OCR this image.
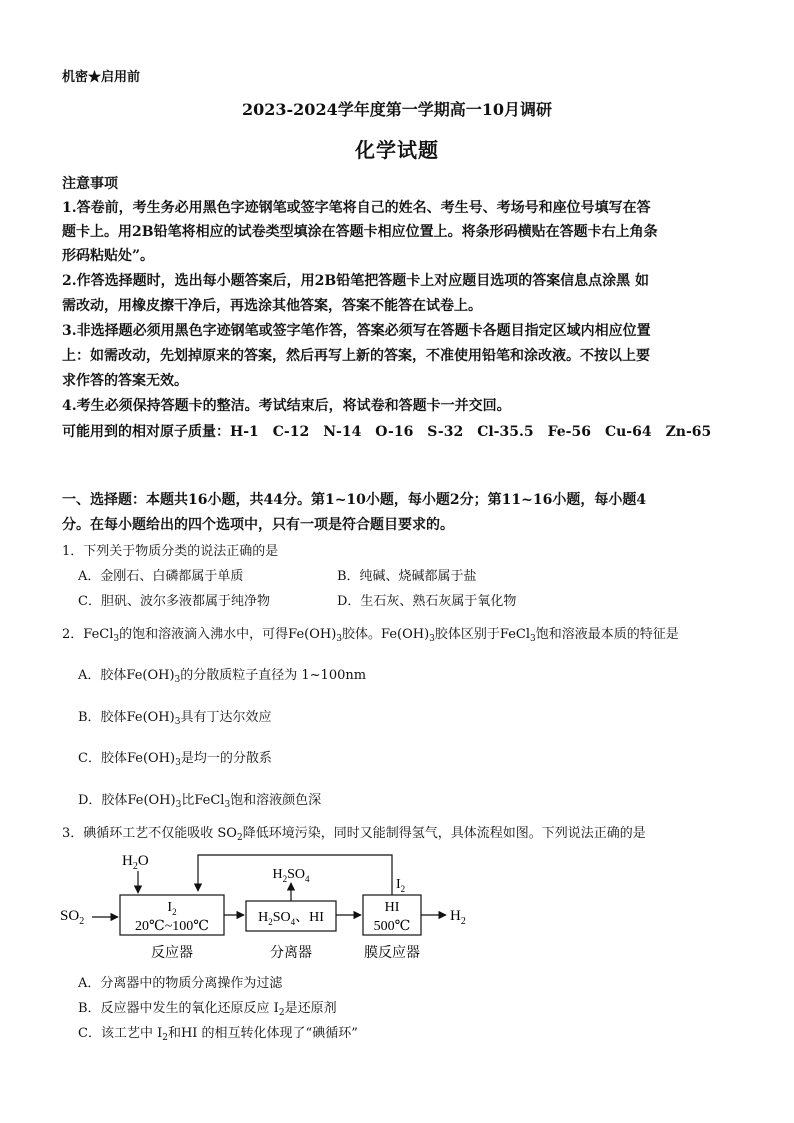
机密★启用前
2023-2024学年度第一学期高一10月调研
化学试题
注意事项
1.答卷前，考生务必用黑色字迹钢笔或签字笔将自己的姓名、考生号、考场号和座位号填写在答
题卡上。用2B铅笔将相应的试卷类型填涂在答题卡相应位置上。将条形码横贴在答题卡右上角条
形码粘贴处”。
2.作答选择题时，选出每小题答案后，用2B铅笔把答题卡上对应题目选项的答案信息点涂黑 如
需改动，用橡皮擦干净后，再选涂其他答案，答案不能答在试卷上。
3.非选择题必须用黑色字迹钢笔或签字笔作答，答案必须写在答题卡各题目指定区域内相应位置
上：如需改动，先划掉原来的答案，然后再写上新的答案，不准使用铅笔和涂改液。不按以上要
求作答的答案无效。
4.考生必须保持答题卡的整洁。考试结束后，将试卷和答题卡一并交回。
可能用到的相对原子质量：H-1　C-12　N-14　O-16　S-32　Cl-35.5　Fe-56　Cu-64　Zn-65
一、选择题：本题共16小题，共44分。第1~10小题，每小题2分；第11~16小题，每小题4
分。在每小题给出的四个选项中，只有一项是符合题目要求的。
1．下列关于物质分类的说法正确的是
A．金刚石、白磷都属于单质	B．纯碱、烧碱都属于盐
C．胆矾、波尔多液都属于纯净物	D．生石灰、熟石灰属于氧化物
2．FeCl$_3$的饱和溶液滴入沸水中，可得$Fe(OH)_3$胶体。$Fe(OH)_3$胶体区别于FeCl$_3$饱和溶液最本质的特征是
A．胶体$Fe(OH)_3$的分散质粒子直径为 1~100nm
B．胶体$Fe(OH)_3$具有丁达尔效应
C．胶体$Fe(OH)_3$是均一的分散系
D．胶体$Fe(OH)_3$比FeCl$_3$饱和溶液颜色深
3．碘循环工艺不仅能吸收 $SO_2$降低环境污染，同时又能制得氢气，具体流程如图。下列说法正确的是
$H_2O$
$SO_2$
$I_2$
20℃~100℃
$H_2SO_4$、HI
$H_2SO_4$
HI
500℃
$I_2$
$H_2$
反应器	分离器	膜反应器
A．分离器中的物质分离操作为过滤
B．反应器中发生的氧化还原反应 $I_2$是还原剂
C．该工艺中 $I_2$和HI 的相互转化体现了“碘循环”
